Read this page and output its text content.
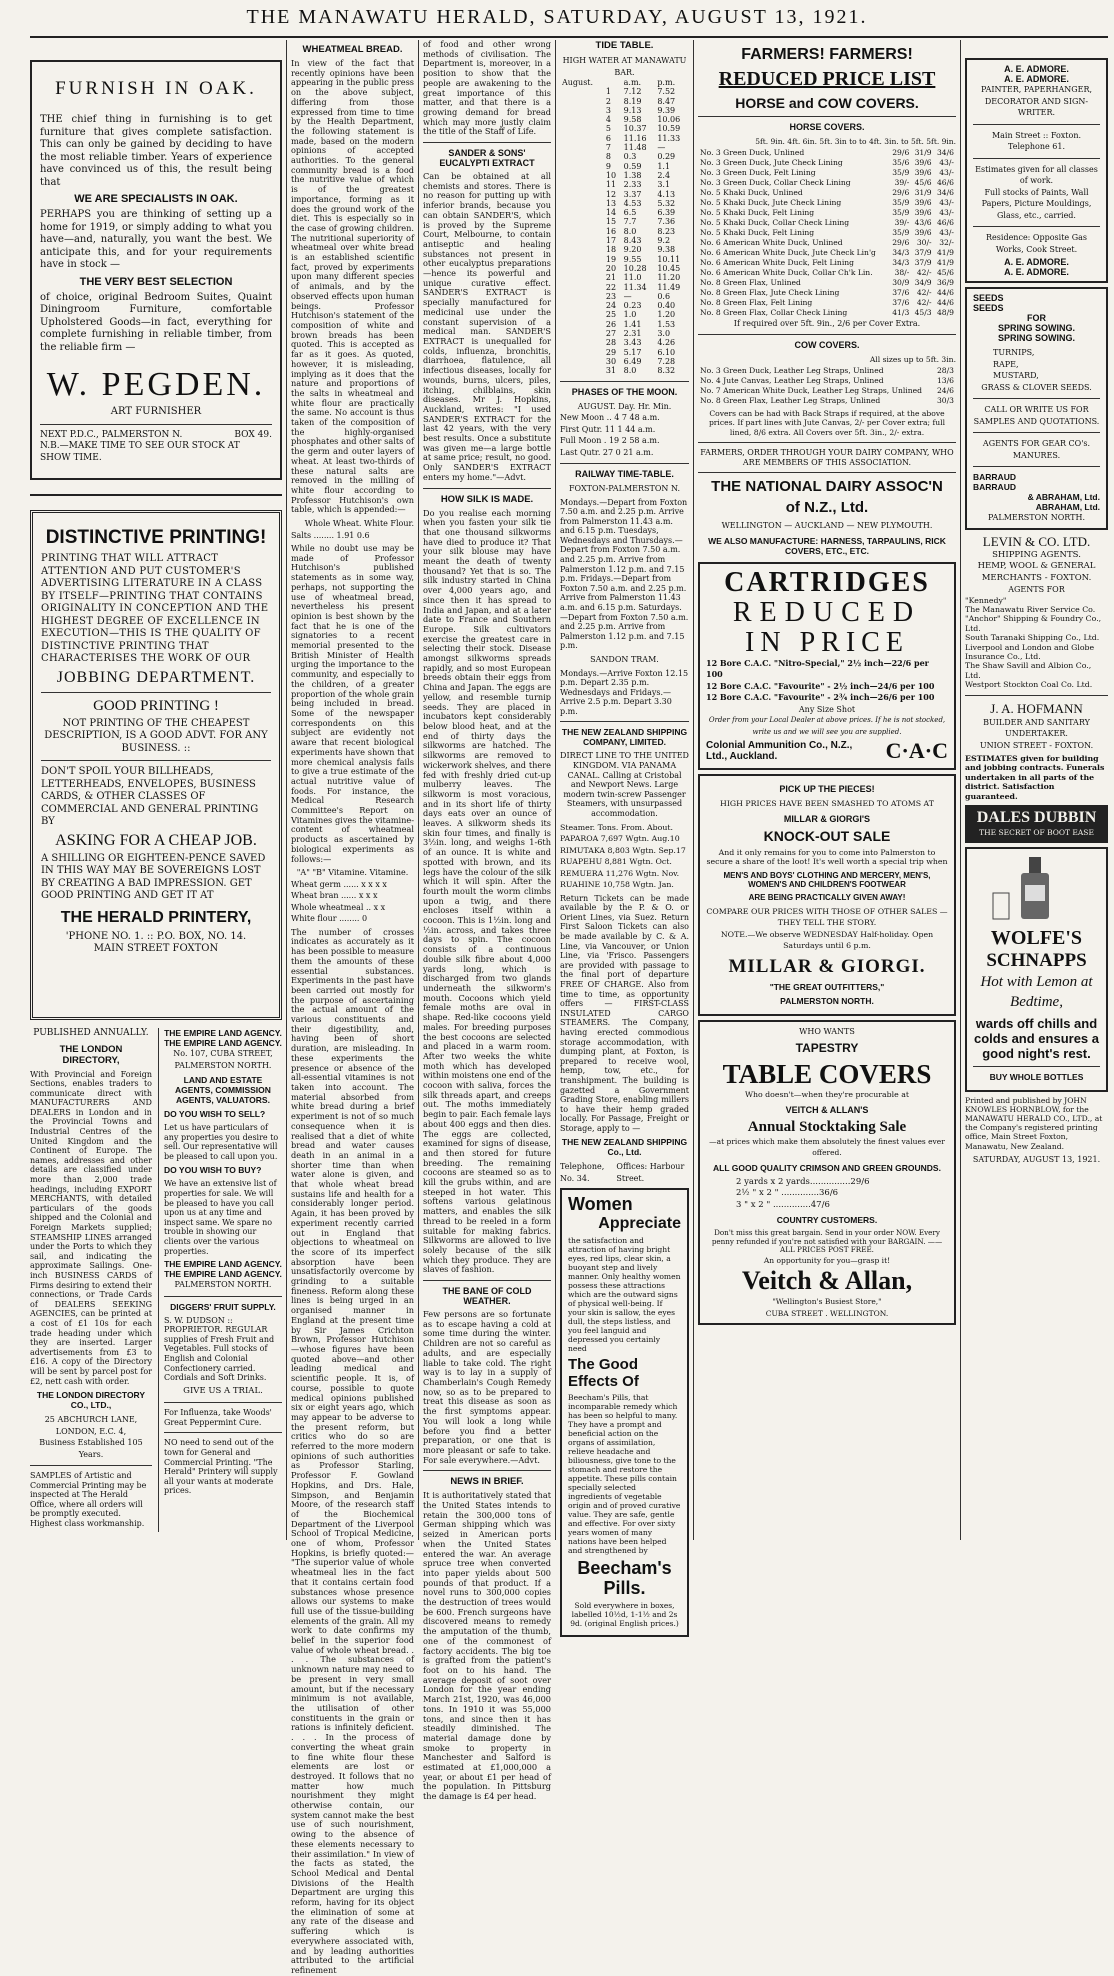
THE MANAWATU HERALD, SATURDAY, AUGUST 13, 1921.
FURNISH IN OAK.

THE chief thing in furnishing is to get furniture that gives complete satisfaction. This can only be gained by deciding to have the most reliable timber. Years of experience have convinced us of this, the result being that

WE ARE SPECIALISTS IN OAK.

PERHAPS you are thinking of setting up a home for 1919, or simply adding to what you have—and, naturally, you want the best. We anticipate this, and for your requirements have in stock —

THE VERY BEST SELECTION

of choice, original Bedroom Suites, Quaint Diningroom Furniture, comfortable Upholstered Goods—in fact, everything for complete furnishing in reliable timber, from the reliable firm —

W. PEGDEN.
ART FURNISHER
NEXT P.D.C., PALMERSTON N.	BOX 49.
N.B.—MAKE TIME TO SEE OUR STOCK AT SHOW TIME.
DISTINCTIVE PRINTING!

PRINTING THAT WILL ATTRACT ATTENTION AND PUT CUSTOMER'S ADVERTISING LITERATURE IN A CLASS BY ITSELF—PRINTING THAT CONTAINS ORIGINALITY IN CONCEPTION AND THE HIGHEST DEGREE OF EXCELLENCE IN EXECUTION—THIS IS THE QUALITY OF DISTINCTIVE PRINTING THAT CHARACTERISES THE WORK OF OUR

JOBBING DEPARTMENT.
GOOD PRINTING !

NOT PRINTING OF THE CHEAPEST DESCRIPTION, IS A GOOD ADVT. FOR ANY BUSINESS. ::

DON'T SPOIL YOUR BILLHEADS, LETTERHEADS, ENVELOPES, BUSINESS CARDS, & OTHER CLASSES OF COMMERCIAL AND GENERAL PRINTING BY

ASKING FOR A CHEAP JOB.

A SHILLING OR EIGHTEEN-PENCE SAVED IN THIS WAY MAY BE SOVEREIGNS LOST BY CREATING A BAD IMPRESSION. GET GOOD PRINTING AND GET IT AT

THE HERALD PRINTERY,
'PHONE NO. 1. :: P.O. BOX, NO. 14.
MAIN STREET FOXTON
PUBLISHED ANNUALLY.
THE LONDON DIRECTORY,

With Provincial and Foreign Sections, enables traders to communicate direct with MANUFACTURERS AND DEALERS in London and in the Provincial Towns and Industrial Centres of the United Kingdom and the Continent of Europe. The names, addresses and other details are classified under more than 2,000 trade headings, including EXPORT MERCHANTS, with detailed particulars of the goods shipped and the Colonial and Foreign Markets supplied; STEAMSHIP LINES arranged under the Ports to which they sail, and indicating the approximate Sailings. One-inch BUSINESS CARDS of Firms desiring to extend their connections, or Trade Cards of DEALERS SEEKING AGENCIES, can be printed at a cost of £1 10s for each trade heading under which they are inserted. Larger advertisements from £3 to £16. A copy of the Directory will be sent by parcel post for £2, nett cash with order.

THE LONDON DIRECTORY CO., LTD.,
25 ABCHURCH LANE, LONDON, E.C. 4,
Business Established 105 Years.

SAMPLES of Artistic and Commercial Printing may be inspected at The Herald Office, where all orders will be promptly executed. Highest class workmanship.

THE EMPIRE LAND AGENCY.
THE EMPIRE LAND AGENCY.
No. 107, CUBA STREET, PALMERSTON NORTH.
LAND AND ESTATE AGENTS, COMMISSION AGENTS, VALUATORS.
DO YOU WISH TO SELL?

Let us have particulars of any properties you desire to sell. Our representative will be pleased to call upon you.

DO YOU WISH TO BUY?

We have an extensive list of properties for sale. We will be pleased to have you call upon us at any time and inspect same. We spare no trouble in showing our clients over the various properties.

THE EMPIRE LAND AGENCY.
THE EMPIRE LAND AGENCY.
PALMERSTON NORTH.
DIGGERS' FRUIT SUPPLY.

S. W. DUDSON :: PROPRIETOR. REGULAR supplies of Fresh Fruit and Vegetables. Full stocks of English and Colonial Confectionery carried. Cordials and Soft Drinks.

GIVE US A TRIAL.

For Influenza, take Woods' Great Peppermint Cure.

NO need to send out of the town for General and Commercial Printing. "The Herald" Printery will supply all your wants at moderate prices.

WHEATMEAL BREAD.

In view of the fact that recently opinions have been appearing in the public press on the above subject, differing from those expressed from time to time by the Health Department, the following statement is made, based on the modern opinions of accepted authorities. To the general community bread is a food the nutritive value of which is of the greatest importance, forming as it does the ground work of the diet. This is especially so in the case of growing children. The nutritional superiority of wheatmeal over white bread is an established scientific fact, proved by experiments upon many different species of animals, and by the observed effects upon human beings. Professor Hutchison's statement of the composition of white and brown breads has been quoted. This is accepted as far as it goes. As quoted, however, it is misleading, implying as it does that the nature and proportions of the salts in wheatmeal and white flour are practically the same. No account is thus taken of the composition of the highly-organised phosphates and other salts of the germ and outer layers of wheat. At least two-thirds of these natural salts are removed in the milling of white flour according to Professor Hutchison's own table, which is appended:—

Whole Wheat. White Flour.
Salts ........ 1.91 0.6

While no doubt use may be made of Professor Hutchison's published statements as in some way, perhaps, not supporting the use of wheatmeal bread, nevertheless his present opinion is best shown by the fact that he is one of the signatories to a recent memorial presented to the British Minister of Health urging the importance to the community, and especially to the children, of a greater proportion of the whole grain being included in bread. Some of the newspaper correspondents on this subject are evidently not aware that recent biological experiments have shown that more chemical analysis fails to give a true estimate of the actual nutritive value of foods. For instance, the Medical Research Committee's Report on Vitamines gives the vitamine-content of wheatmeal products as ascertained by biological experiments as follows:—

"A" "B" Vitamine. Vitamine.
Wheat germ ...... x x x x
Wheat bran ...... x x x
Whole wheatmeal .. x x
White flour ........ 0

The number of crosses indicates as accurately as it has been possible to measure them the amounts of these essential substances. Experiments in the past have been carried out mostly for the purpose of ascertaining the actual amount of the various constituents and their digestibility, and, having been of short duration, are misleading. In these experiments the presence or absence of the all-essential vitamines is not taken into account. The material absorbed from white bread during a brief experiment is not of so much consequence when it is realised that a diet of white bread and water causes death in an animal in a shorter time than when water alone is given, and that whole wheat bread sustains life and health for a considerably longer period. Again, it has been proved by experiment recently carried out in England that objections to wheatmeal on the score of its imperfect absorption have been unsatisfactorily overcome by grinding to a suitable fineness. Reform along these lines is being urged in an organised manner in England at the present time by Sir James Crichton Brown, Professor Hutchison—whose figures have been quoted above—and other leading medical and scientific people. It is, of course, possible to quote medical opinions published six or eight years ago, which may appear to be adverse to the present reform, but critics who do so are referred to the more modern opinions of such authorities as Professor Starling, Professor F. Gowland Hopkins, and Drs. Hale, Simpson, and Benjamin Moore, of the research staff of the Biochemical Department of the Liverpool School of Tropical Medicine, one of whom, Professor Hopkins, is briefly quoted:— "The superior value of whole wheatmeal lies in the fact that it contains certain food substances whose presence allows our systems to make full use of the tissue-building elements of the grain. All my work to date confirms my belief in the superior food value of whole wheat bread. . . . The substances of unknown nature may need to be present in very small amount, but if the necessary minimum is not available, the utilisation of other constituents in the grain or rations is infinitely deficient. . . . In the process of converting the wheat grain to fine white flour these elements are lost or destroyed. It follows that no matter how much nourishment they might otherwise contain, our system cannot make the best use of such nourishment, owing to the absence of these elements necessary to their assimilation." In view of the facts as stated, the School Medical and Dental Divisions of the Health Department are urging this reform, having for its object the elimination of some at any rate of the disease and suffering which is everywhere associated with, and by leading authorities attributed to the artificial refinement

of food and other wrong methods of civilisation. The Department is, moreover, in a position to show that the people are awakening to the great importance of this matter, and that there is a growing demand for bread which may more justly claim the title of the Staff of Life.

SANDER & SONS' EUCALYPTI EXTRACT

Can be obtained at all chemists and stores. There is no reason for putting up with inferior brands, because you can obtain SANDER'S, which is proved by the Supreme Court, Melbourne, to contain antiseptic and healing substances not present in other eucalyptus preparations—hence its powerful and unique curative effect. SANDER'S EXTRACT is specially manufactured for medicinal use under the constant supervision of a medical man. SANDER'S EXTRACT is unequalled for colds, influenza, bronchitis, diarrhoea, flatulence, all infectious diseases, locally for wounds, burns, ulcers, piles, itching, chilblains, skin diseases. Mr J. Hopkins, Auckland, writes: "I used SANDER'S EXTRACT for the last 42 years, with the very best results. Once a substitute was given me—a large bottle at same price; result, no good. Only SANDER'S EXTRACT enters my home."—Advt.

HOW SILK IS MADE.

Do you realise each morning when you fasten your silk tie that one thousand silkworms have died to produce it? That your silk blouse may have meant the death of twenty thousand? Yet that is so. The silk industry started in China over 4,000 years ago, and since then it has spread to India and Japan, and at a later date to France and Southern Europe. Silk cultivators exercise the greatest care in selecting their stock. Disease amongst silkworms spreads rapidly, and so most European breeds obtain their eggs from China and Japan. The eggs are yellow, and resemble turnip seeds. They are placed in incubators kept considerably below blood heat, and at the end of thirty days the silkworms are hatched. The silkworms are removed to wickerwork shelves, and there fed with freshly dried cut-up mulberry leaves. The silkworm is most voracious, and in its short life of thirty days eats over an ounce of leaves. A silkworm sheds its skin four times, and finally is 3½in. long, and weighs 1-6th of an ounce. It is white and spotted with brown, and its legs have the colour of the silk which it will spin. After the fourth moult the worm climbs upon a twig, and there encloses itself within a cocoon. This is 1½in. long and ½in. across, and takes three days to spin. The cocoon consists of a continuous double silk fibre about 4,000 yards long, which is discharged from two glands underneath the silkworm's mouth. Cocoons which yield female moths are oval in shape. Red-like cocoons yield males. For breeding purposes the best cocoons are selected and placed in a warm room. After two weeks the white moth which has developed within moistens one end of the cocoon with saliva, forces the silk threads apart, and creeps out. The moths immediately begin to pair. Each female lays about 400 eggs and then dies. The eggs are collected, examined for signs of disease, and then stored for future breeding. The remaining cocoons are steamed so as to kill the grubs within, and are steeped in hot water. This softens various gelatinous matters, and enables the silk thread to be reeled in a form suitable for making fabrics. Silkworms are allowed to live solely because of the silk which they produce. They are slaves of fashion.

THE BANE OF COLD WEATHER.

Few persons are so fortunate as to escape having a cold at some time during the winter. Children are not so careful as adults, and are especially liable to take cold. The right way is to lay in a supply of Chamberlain's Cough Remedy now, so as to be prepared to treat this disease as soon as the first symptoms appear. You will look a long while before you find a better preparation, or one that is more pleasant or safe to take. For sale everywhere.—Advt.

NEWS IN BRIEF.

It is authoritatively stated that the United States intends to retain the 300,000 tons of German shipping which was seized in American ports when the United States entered the war. An average spruce tree when converted into paper yields about 500 pounds of that product. If a novel runs to 300,000 copies the destruction of trees would be 600. French surgeons have discovered means to remedy the amputation of the thumb, one of the commonest of factory accidents. The big toe is grafted from the patient's foot on to his hand. The average deposit of soot over London for the year ending March 21st, 1920, was 46,000 tons. In 1910 it was 55,000 tons, and since then it has steadily diminished. The material damage done by smoke to property in Manchester and Salford is estimated at £1,000,000 a year, or about £1 per head of the population. In Pittsburg the damage is £4 per head.

TIDE TABLE.
HIGH WATER AT MANAWATU BAR.
August.		a.m.	p.m.
	1	7.12	7.52
	2	8.19	8.47
	3	9.13	9.39
	4	9.58	10.06
	5	10.37	10.59
	6	11.16	11.33
	7	11.48	—
	8	0.3	0.29
	9	0.59	1.1
	10	1.38	2.4
	11	2.33	3.1
	12	3.37	4.13
	13	4.53	5.32
	14	6.5	6.39
	15	7.7	7.36
	16	8.0	8.23
	17	8.43	9.2
	18	9.20	9.38
	19	9.55	10.11
	20	10.28	10.45
	21	11.0	11.20
	22	11.34	11.49
	23	—	0.6
	24	0.23	0.40
	25	1.0	1.20
	26	1.41	1.53
	27	2.31	3.0
	28	3.43	4.26
	29	5.17	6.10
	30	6.49	7.28
	31	8.0	8.32
PHASES OF THE MOON.
AUGUST. Day. Hr. Min.
New Moon .. 4 7 48 a.m.
First Qutr. 11 1 44 a.m.
Full Moon . 19 2 58 a.m.
Last Qutr. 27 0 21 a.m.
RAILWAY TIME-TABLE.
FOXTON-PALMERSTON N.

Mondays.—Depart from Foxton 7.50 a.m. and 2.25 p.m. Arrive from Palmerston 11.43 a.m. and 6.15 p.m. Tuesdays, Wednesdays and Thursdays.—Depart from Foxton 7.50 a.m. and 2.25 p.m. Arrive from Palmerston 1.12 p.m. and 7.15 p.m. Fridays.—Depart from Foxton 7.50 a.m. and 2.25 p.m. Arrive from Palmerston 11.43 a.m. and 6.15 p.m. Saturdays.—Depart from Foxton 7.50 a.m. and 2.25 p.m. Arrive from Palmerston 1.12 p.m. and 7.15 p.m.

SANDON TRAM.

Mondays.—Arrive Foxton 12.15 p.m. Depart 2.35 p.m. Wednesdays and Fridays.—Arrive 2.5 p.m. Depart 3.30 p.m.

THE NEW ZEALAND SHIPPING COMPANY, LIMITED.

DIRECT LINE TO THE UNITED KINGDOM. VIA PANAMA CANAL. Calling at Cristobal and Newport News. Large modern twin-screw Passenger Steamers, with unsurpassed accommodation.

Steamer. Tons. From. About.
PAPAROA 7,697 Wgtn. Aug.10
RIMUTAKA 8,803 Wgtn. Sep.17
RUAPEHU 8,881 Wgtn. Oct.
REMUERA 11,276 Wgtn. Nov.
RUAHINE 10,758 Wgtn. Jan.

Return Tickets can be made available by the P. & O. or Orient Lines, via Suez. Return First Saloon Tickets can also be made available by C. & A. Line, via Vancouver, or Union Line, via 'Frisco. Passengers are provided with passage to the final port of departure FREE OF CHARGE. Also from time to time, as opportunity offers — FIRST-CLASS INSULATED CARGO STEAMERS. The Company, having erected commodious storage accommodation, with dumping plant, at Foxton, is prepared to receive wool, hemp, tow, etc., for transhipment. The building is gazetted a Government Grading Store, enabling millers to have their hemp graded locally. For Passage, Freight or Storage, apply to —

THE NEW ZEALAND SHIPPING Co., Ltd.
Telephone, No. 34.
Offices: Harbour Street.
Women
Appreciate

the satisfaction and attraction of having bright eyes, red lips, clear skin, a buoyant step and lively manner. Only healthy women possess these attractions which are the outward signs of physical well-being. If your skin is sallow, the eyes dull, the steps listless, and you feel languid and depressed you certainly need

The Good Effects Of

Beecham's Pills, that incomparable remedy which has been so helpful to many. They have a prompt and beneficial action on the organs of assimilation, relieve headache and biliousness, give tone to the stomach and restore the appetite. These pills contain specially selected ingredients of vegetable origin and of proved curative value. They are safe, gentle and effective. For over sixty years women of many nations have been helped and strengthened by

Beecham's Pills.

Sold everywhere in boxes, labelled 10½d, 1-1½ and 2s 9d. (original English prices.)

FARMERS! FARMERS!
REDUCED PRICE LIST
HORSE and COW COVERS.
HORSE COVERS.
5ft. 9in. 4ft. 6in. 5ft. 3in to to 4ft. 3in. to 5ft. 5ft. 9in.
No. 3 Green Duck, Unlined	29/6	31/9	34/6
No. 3 Green Duck, Jute Check Lining	35/6	39/6	43/-
No. 3 Green Duck, Felt Lining	35/9	39/6	43/-
No. 3 Green Duck, Collar Check Lining	39/-	45/6	46/6
No. 5 Khaki Duck, Unlined	29/6	31/9	34/6
No. 5 Khaki Duck, Jute Check Lining	35/9	39/6	43/-
No. 5 Khaki Duck, Felt Lining	35/9	39/6	43/-
No. 5 Khaki Duck, Collar Check Lining	39/-	43/6	46/6
No. 5 Khaki Duck, Felt Lining	35/9	39/6	43/-
No. 6 American White Duck, Unlined	29/6	30/-	32/-
No. 6 American White Duck, Jute Check Lin'g	34/3	37/9	41/9
No. 6 American White Duck, Felt Lining	34/3	37/9	41/9
No. 6 American White Duck, Collar Ch'k Lin.	38/-	42/-	45/6
No. 8 Green Flax, Unlined	30/9	34/9	36/9
No. 8 Green Flax, Jute Check Lining	37/6	42/-	44/6
No. 8 Green Flax, Felt Lining	37/6	42/-	44/6
No. 8 Green Flax, Collar Check Lining	41/3	45/3	48/9
If required over 5ft. 9in., 2/6 per Cover Extra.
COW COVERS.
All sizes up to 5ft. 3in.
No. 3 Green Duck, Leather Leg Straps, Unlined	28/3
No. 4 Jute Canvas, Leather Leg Straps, Unlined	13/6
No. 7 American White Duck, Leather Leg Straps, Unlined	24/6
No. 8 Green Flax, Leather Leg Straps, Unlined	30/3

Covers can be had with Back Straps if required, at the above prices. If part lines with Jute Canvas, 2/- per Cover extra; full lined, 8/6 extra. All Covers over 5ft. 3in., 2/- extra.

FARMERS, ORDER THROUGH YOUR DAIRY COMPANY, WHO ARE MEMBERS OF THIS ASSOCIATION.

THE NATIONAL DAIRY ASSOC'N
of N.Z., Ltd.
WELLINGTON — AUCKLAND — NEW PLYMOUTH.
WE ALSO MANUFACTURE: HARNESS, TARPAULINS, RICK COVERS, ETC., ETC.
CARTRIDGES
REDUCED
IN PRICE
12 Bore C.A.C. "Nitro-Special," 2½ inch—22/6 per 100
12 Bore C.A.C. "Favourite" - 2½ inch—24/6 per 100
12 Bore C.A.C. "Favourite" - 2¾ inch—26/6 per 100
Any Size Shot
Order from your Local Dealer at above prices. If he is not stocked, write us and we will see you are supplied.
Colonial Ammunition Co., N.Z., Ltd., Auckland.	C·A·C
PICK UP THE PIECES!
HIGH PRICES HAVE BEEN SMASHED TO ATOMS AT
MILLAR & GIORGI'S
KNOCK-OUT SALE

And it only remains for you to come into Palmerston to secure a share of the loot! It's well worth a special trip when

MEN'S AND BOYS' CLOTHING AND MERCERY, MEN'S, WOMEN'S AND CHILDREN'S FOOTWEAR
ARE BEING PRACTICALLY GIVEN AWAY!
COMPARE OUR PRICES WITH THOSE OF OTHER SALES — THEY TELL THE STORY.
NOTE.—We observe WEDNESDAY Half-holiday. Open Saturdays until 6 p.m.
MILLAR & GIORGI.
"THE GREAT OUTFITTERS,"
PALMERSTON NORTH.
WHO WANTS
TAPESTRY
TABLE COVERS
Who doesn't—when they're procurable at
VEITCH & ALLAN'S
Annual Stocktaking Sale
—at prices which make them absolutely the finest values ever offered.
ALL GOOD QUALITY CRIMSON AND GREEN GROUNDS.
2 yards x 2 yards...............29/6
2½ " x 2 " ..............36/6
3 " x 2 " ..............47/6
COUNTRY CUSTOMERS.
Don't miss this great bargain. Send in your order NOW. Every penny refunded if you're not satisfied with your BARGAIN. ——ALL PRICES POST FREE.
An opportunity for you—grasp it!
Veitch & Allan,
"Wellington's Busiest Store,"
CUBA STREET . WELLINGTON.
A. E. ADMORE.
A. E. ADMORE.
PAINTER, PAPERHANGER, DECORATOR AND SIGN-WRITER.
Main Street :: Foxton.
Telephone 61.
Estimates given for all classes of work.
Full stocks of Paints, Wall Papers, Picture Mouldings, Glass, etc., carried.
Residence: Opposite Gas Works, Cook Street.
A. E. ADMORE.
A. E. ADMORE.
SEEDS
SEEDS
FOR
SPRING SOWING.
SPRING SOWING.
TURNIPS,
RAPE,
MUSTARD,
GRASS & CLOVER SEEDS.
CALL OR WRITE US FOR SAMPLES AND QUOTATIONS.
AGENTS FOR GEAR CO's. MANURES.
BARRAUD
BARRAUD
& ABRAHAM, Ltd.
ABRAHAM, Ltd.
PALMERSTON NORTH.
LEVIN & CO. LTD.
SHIPPING AGENTS.
HEMP, WOOL & GENERAL MERCHANTS - FOXTON.
AGENTS FOR
"Kennedy"
The Manawatu River Service Co.
"Anchor" Shipping & Foundry Co., Ltd.
South Taranaki Shipping Co., Ltd.
Liverpool and London and Globe Insurance Co., Ltd.
The Shaw Savill and Albion Co., Ltd.
Westport Stockton Coal Co. Ltd.
J. A. HOFMANN
BUILDER AND SANITARY UNDERTAKER.
UNION STREET - FOXTON.

ESTIMATES given for building and jobbing contracts. Funerals undertaken in all parts of the district. Satisfaction guaranteed.

DALES DUBBIN
THE SECRET OF BOOT EASE
WOLFE'S
SCHNAPPS
Hot with Lemon at Bedtime,
wards off chills and colds and ensures a good night's rest.
BUY WHOLE BOTTLES

Printed and published by JOHN KNOWLES HORNBLOW, for the MANAWATU HERALD CO., LTD., at the Company's registered printing office, Main Street Foxton, Manawatu, New Zealand.

SATURDAY, AUGUST 13, 1921.
